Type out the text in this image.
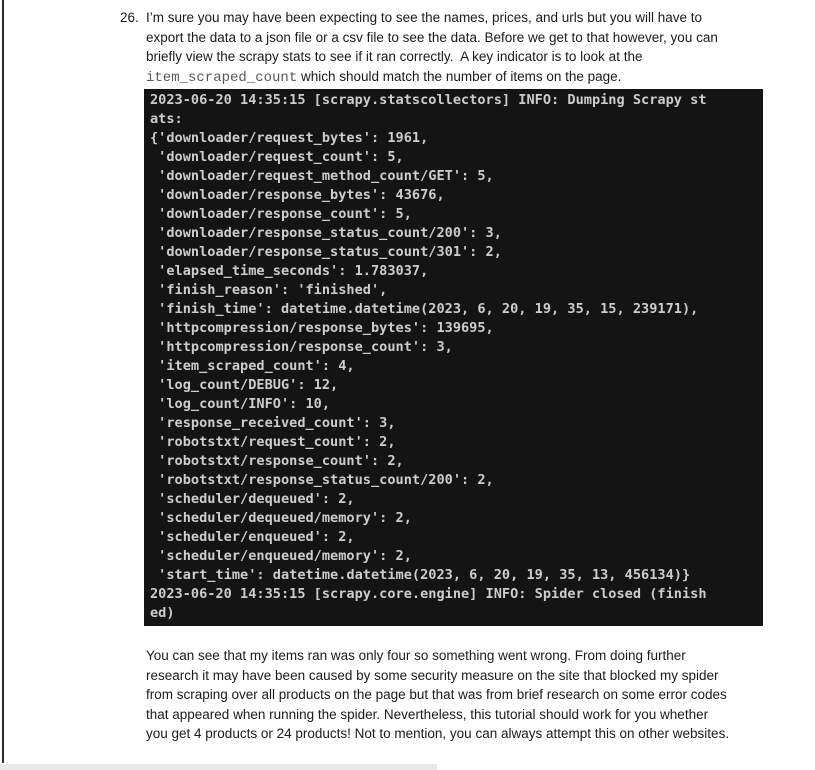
26. I’m sure you may have been expecting to see the names, prices, and urls but you will have to export the data to a json file or a csv file to see the data. Before we get to that however, you can briefly view the scrapy stats to see if it ran correctly.  A key indicator is to look at the item_scraped_count which should match the number of items on the page.
2023-06-20 14:35:15 [scrapy.statscollectors] INFO: Dumping Scrapy st
ats:
{'downloader/request_bytes': 1961,
'downloader/request_count': 5,
'downloader/request_method_count/GET': 5,
'downloader/response_bytes': 43676,
'downloader/response_count': 5,
'downloader/response_status_count/200': 3,
'downloader/response_status_count/301': 2,
'elapsed_time_seconds': 1.783037,
'finish_reason': 'finished',
'finish_time': datetime.datetime(2023, 6, 20, 19, 35, 15, 239171),
'httpcompression/response_bytes': 139695,
'httpcompression/response_count': 3,
'item_scraped_count': 4,
'log_count/DEBUG': 12,
'log_count/INFO': 10,
'response_received_count': 3,
'robotstxt/request_count': 2,
'robotstxt/response_count': 2,
'robotstxt/response_status_count/200': 2,
'scheduler/dequeued': 2,
'scheduler/dequeued/memory': 2,
'scheduler/enqueued': 2,
'scheduler/enqueued/memory': 2,
'start_time': datetime.datetime(2023, 6, 20, 19, 35, 13, 456134)}
2023-06-20 14:35:15 [scrapy.core.engine] INFO: Spider closed (finish
ed)
You can see that my items ran was only four so something went wrong. From doing further research it may have been caused by some security measure on the site that blocked my spider from scraping over all products on the page but that was from brief research on some error codes that appeared when running the spider. Nevertheless, this tutorial should work for you whether you get 4 products or 24 products! Not to mention, you can always attempt this on other websites.
